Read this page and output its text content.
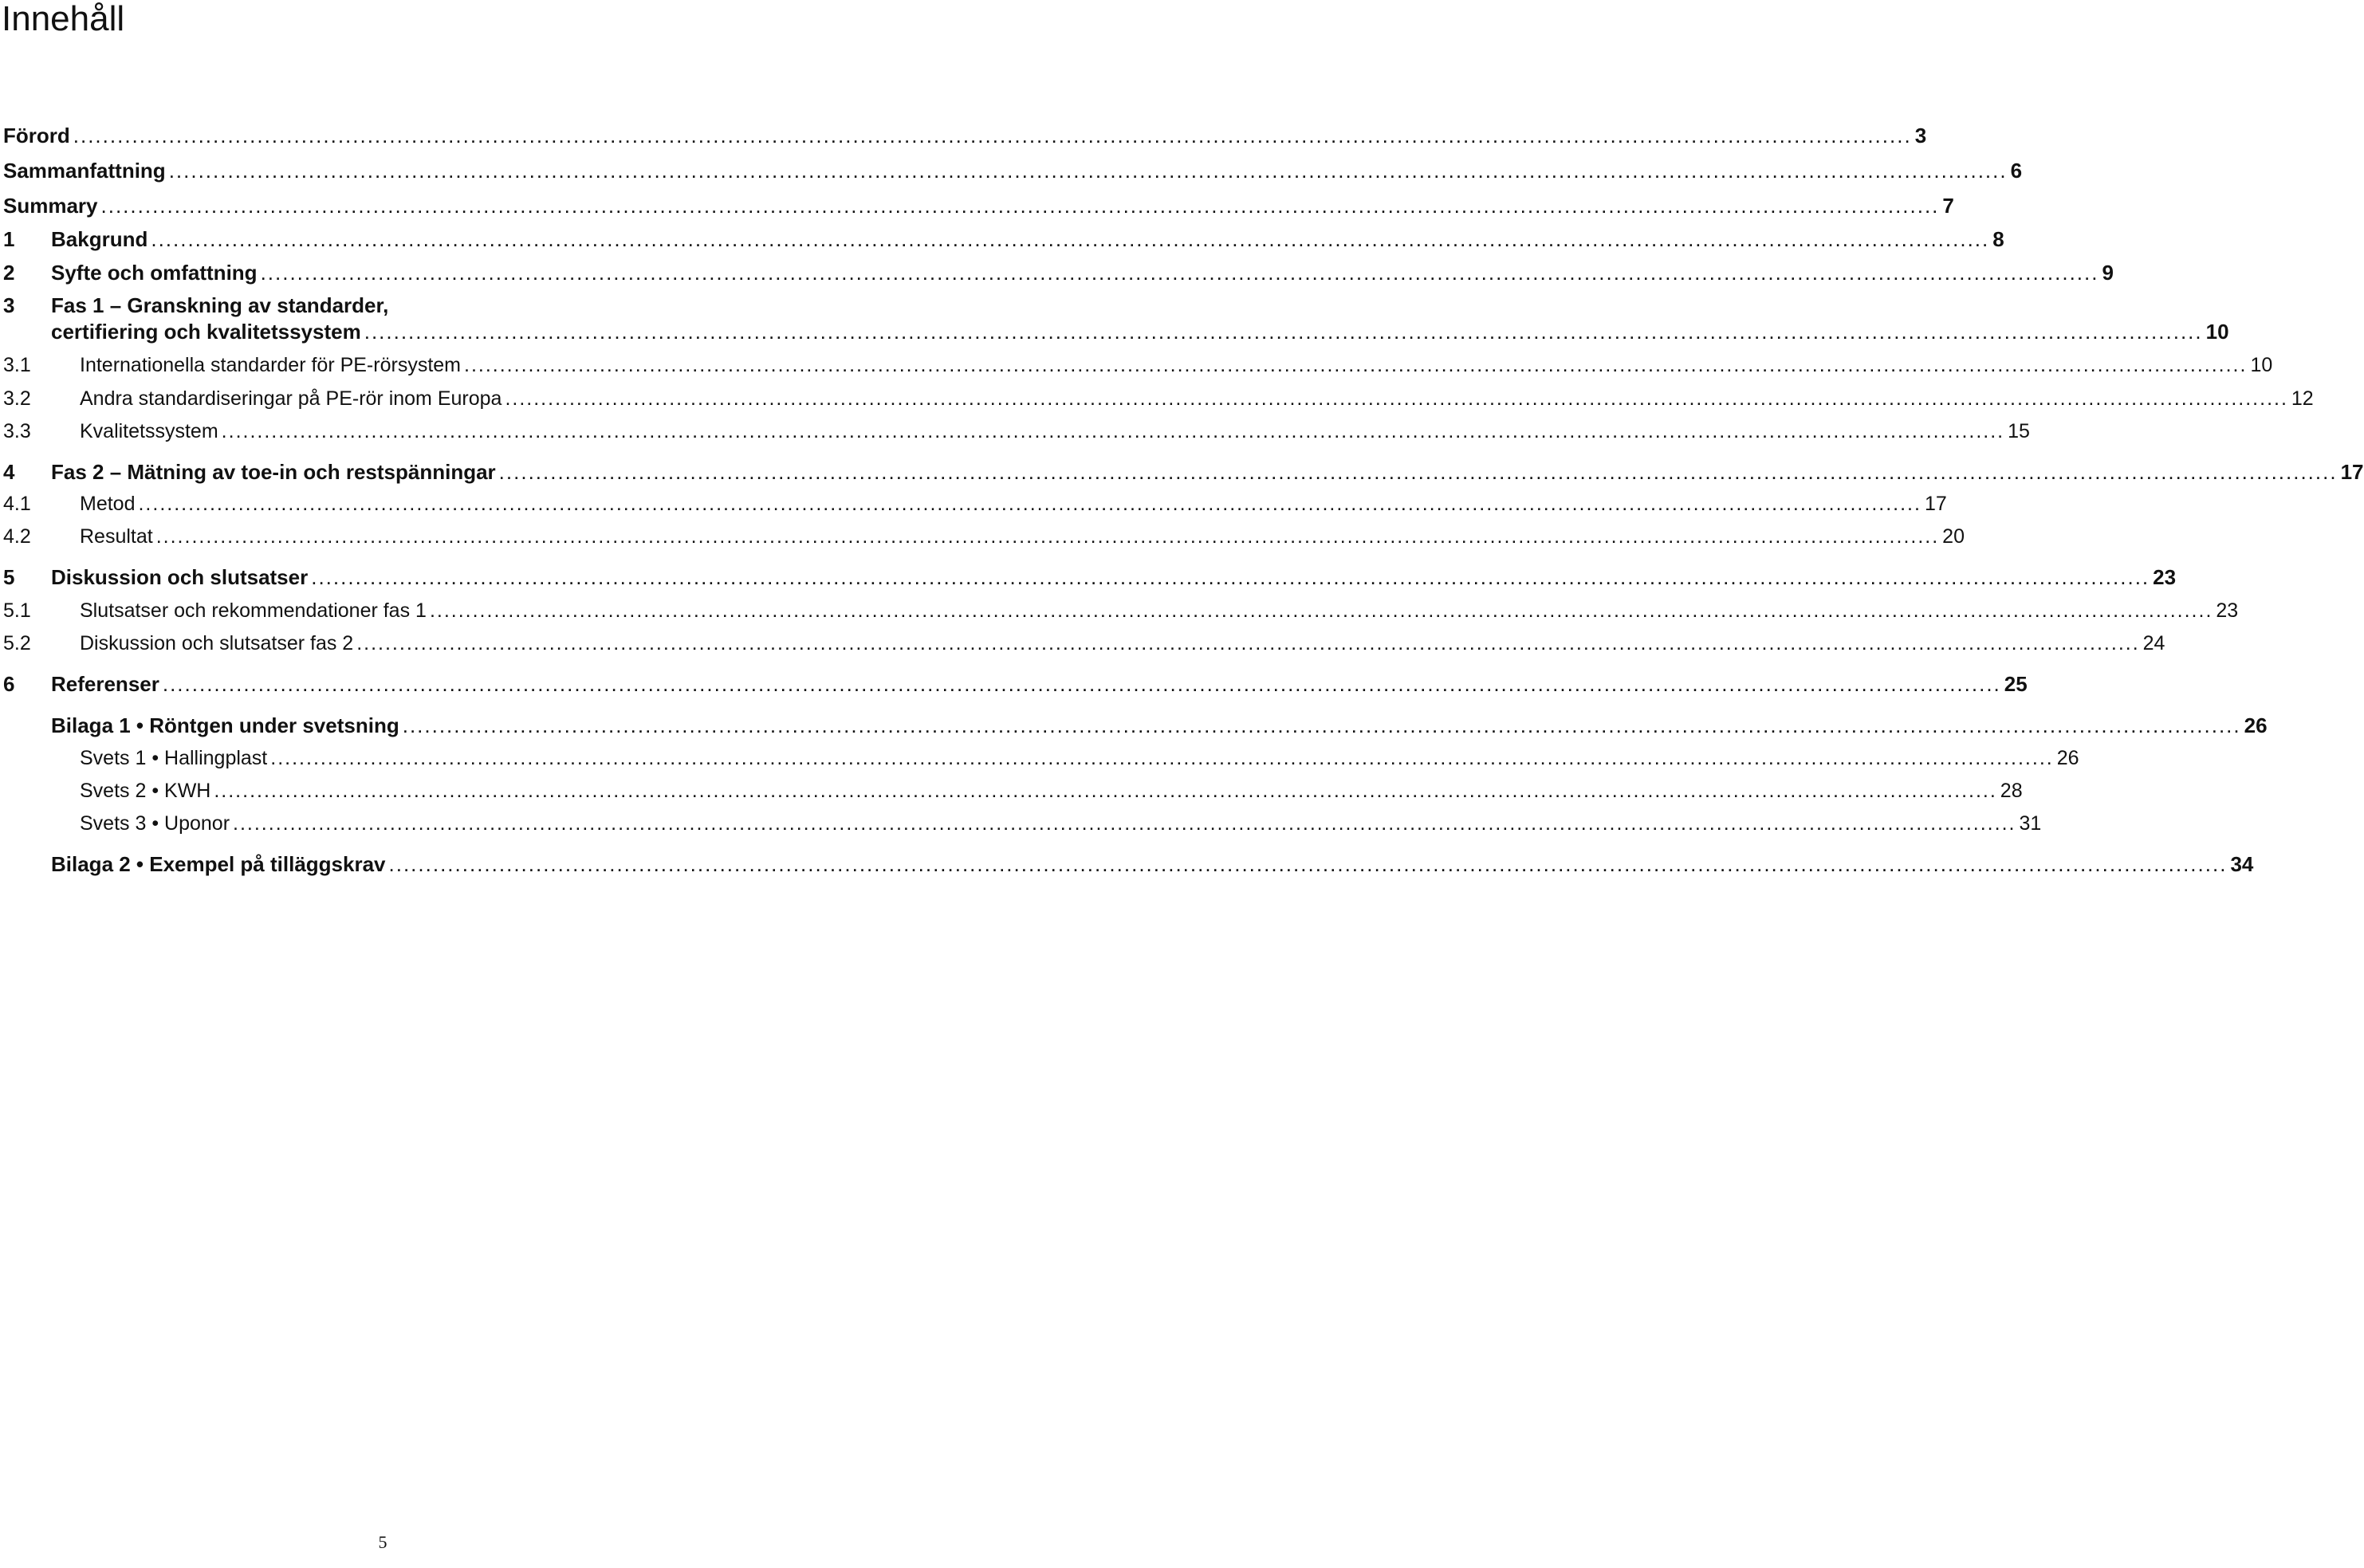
Innehåll
Förord .....	3
Sammanfattning .....	6
Summary .....	7
1	Bakgrund .....	8
2	Syfte och omfattning .....	9
3	Fas 1 – Granskning av standarder,
certifiering och kvalitetssystem .....	10
3.1	Internationella standarder för PE-rörsystem .....	10
3.2	Andra standardiseringar på PE-rör inom Europa .....	12
3.3	Kvalitetssystem .....	15
4	Fas 2 – Mätning av toe-in och restspänningar .....	17
4.1	Metod .....	17
4.2	Resultat .....	20
5	Diskussion och slutsatser .....	23
5.1	Slutsatser och rekommendationer fas 1 .....	23
5.2	Diskussion och slutsatser fas 2 .....	24
6	Referenser .....	25
Bilaga 1 • Röntgen under svetsning .....	26
Svets 1 • Hallingplast .....	26
Svets 2 • KWH .....	28
Svets 3 • Uponor .....	31
Bilaga 2 • Exempel på tilläggskrav .....	34
5
